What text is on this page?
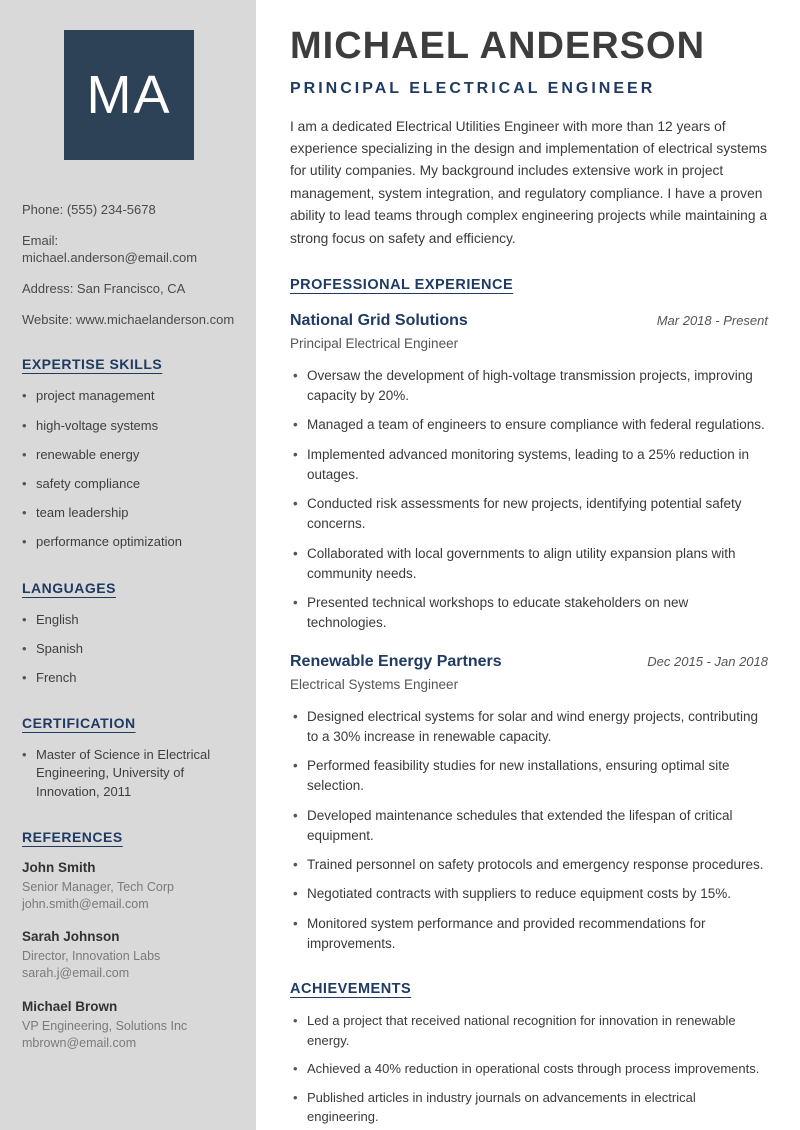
MA
Phone: (555) 234-5678
Email: michael.anderson@email.com
Address: San Francisco, CA
Website: www.michaelanderson.com
EXPERTISE SKILLS
• project management
• high-voltage systems
• renewable energy
• safety compliance
• team leadership
• performance optimization
LANGUAGES
• English
• Spanish
• French
CERTIFICATION
• Master of Science in Electrical Engineering, University of Innovation, 2011
REFERENCES
John Smith
Senior Manager, Tech Corp
john.smith@email.com
Sarah Johnson
Director, Innovation Labs
sarah.j@email.com
Michael Brown
VP Engineering, Solutions Inc
mbrown@email.com
MICHAEL ANDERSON
PRINCIPAL ELECTRICAL ENGINEER

I am a dedicated Electrical Utilities Engineer with more than 12 years of experience specializing in the design and implementation of electrical systems for utility companies. My background includes extensive work in project management, system integration, and regulatory compliance. I have a proven ability to lead teams through complex engineering projects while maintaining a strong focus on safety and efficiency.

PROFESSIONAL EXPERIENCE
National Grid Solutions	Mar 2018 - Present
Principal Electrical Engineer
• Oversaw the development of high-voltage transmission projects, improving capacity by 20%.
• Managed a team of engineers to ensure compliance with federal regulations.
• Implemented advanced monitoring systems, leading to a 25% reduction in outages.
• Conducted risk assessments for new projects, identifying potential safety concerns.
• Collaborated with local governments to align utility expansion plans with community needs.
• Presented technical workshops to educate stakeholders on new technologies.
Renewable Energy Partners	Dec 2015 - Jan 2018
Electrical Systems Engineer
• Designed electrical systems for solar and wind energy projects, contributing to a 30% increase in renewable capacity.
• Performed feasibility studies for new installations, ensuring optimal site selection.
• Developed maintenance schedules that extended the lifespan of critical equipment.
• Trained personnel on safety protocols and emergency response procedures.
• Negotiated contracts with suppliers to reduce equipment costs by 15%.
• Monitored system performance and provided recommendations for improvements.
ACHIEVEMENTS
• Led a project that received national recognition for innovation in renewable energy.
• Achieved a 40% reduction in operational costs through process improvements.
• Published articles in industry journals on advancements in electrical engineering.
